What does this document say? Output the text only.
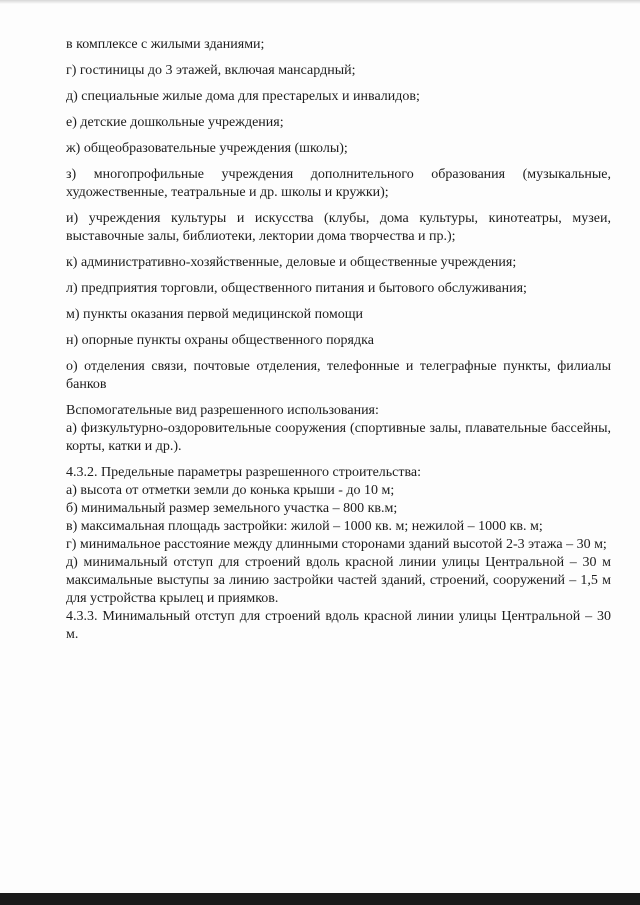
в комплексе с жилыми зданиями;

г) гостиницы до 3 этажей, включая мансардный;

д) специальные жилые дома для престарелых и инвалидов;

е) детские дошкольные учреждения;

ж) общеобразовательные учреждения (школы);

з) многопрофильные учреждения дополнительного образования (музыкальные, художественные, театральные и др. школы и кружки);

и) учреждения культуры и искусства (клубы, дома культуры, кинотеатры, музеи, выставочные залы, библиотеки, лектории дома творчества и пр.);

к) административно-хозяйственные, деловые и общественные учреждения;

л) предприятия торговли, общественного питания и бытового обслуживания;

м) пункты оказания первой медицинской помощи

н) опорные пункты охраны общественного порядка

о) отделения связи, почтовые отделения, телефонные и телеграфные пункты, филиалы банков

Вспомогательные вид разрешенного использования:

а) физкультурно-оздоровительные сооружения (спортивные залы, плавательные бассейны, корты, катки и др.).

4.3.2. Предельные параметры разрешенного строительства:

а) высота от отметки земли до конька крыши - до 10 м;

б) минимальный размер земельного участка – 800 кв.м;

в) максимальная площадь застройки: жилой – 1000 кв. м; нежилой – 1000 кв. м;

г) минимальное расстояние между длинными сторонами зданий высотой 2-3 этажа – 30 м;

д) минимальный отступ для строений вдоль красной линии улицы Центральной – 30 м максимальные выступы за линию застройки частей зданий, строений, сооружений – 1,5 м для устройства крылец и приямков.

4.3.3. Минимальный отступ для строений вдоль красной линии улицы Центральной – 30 м.
